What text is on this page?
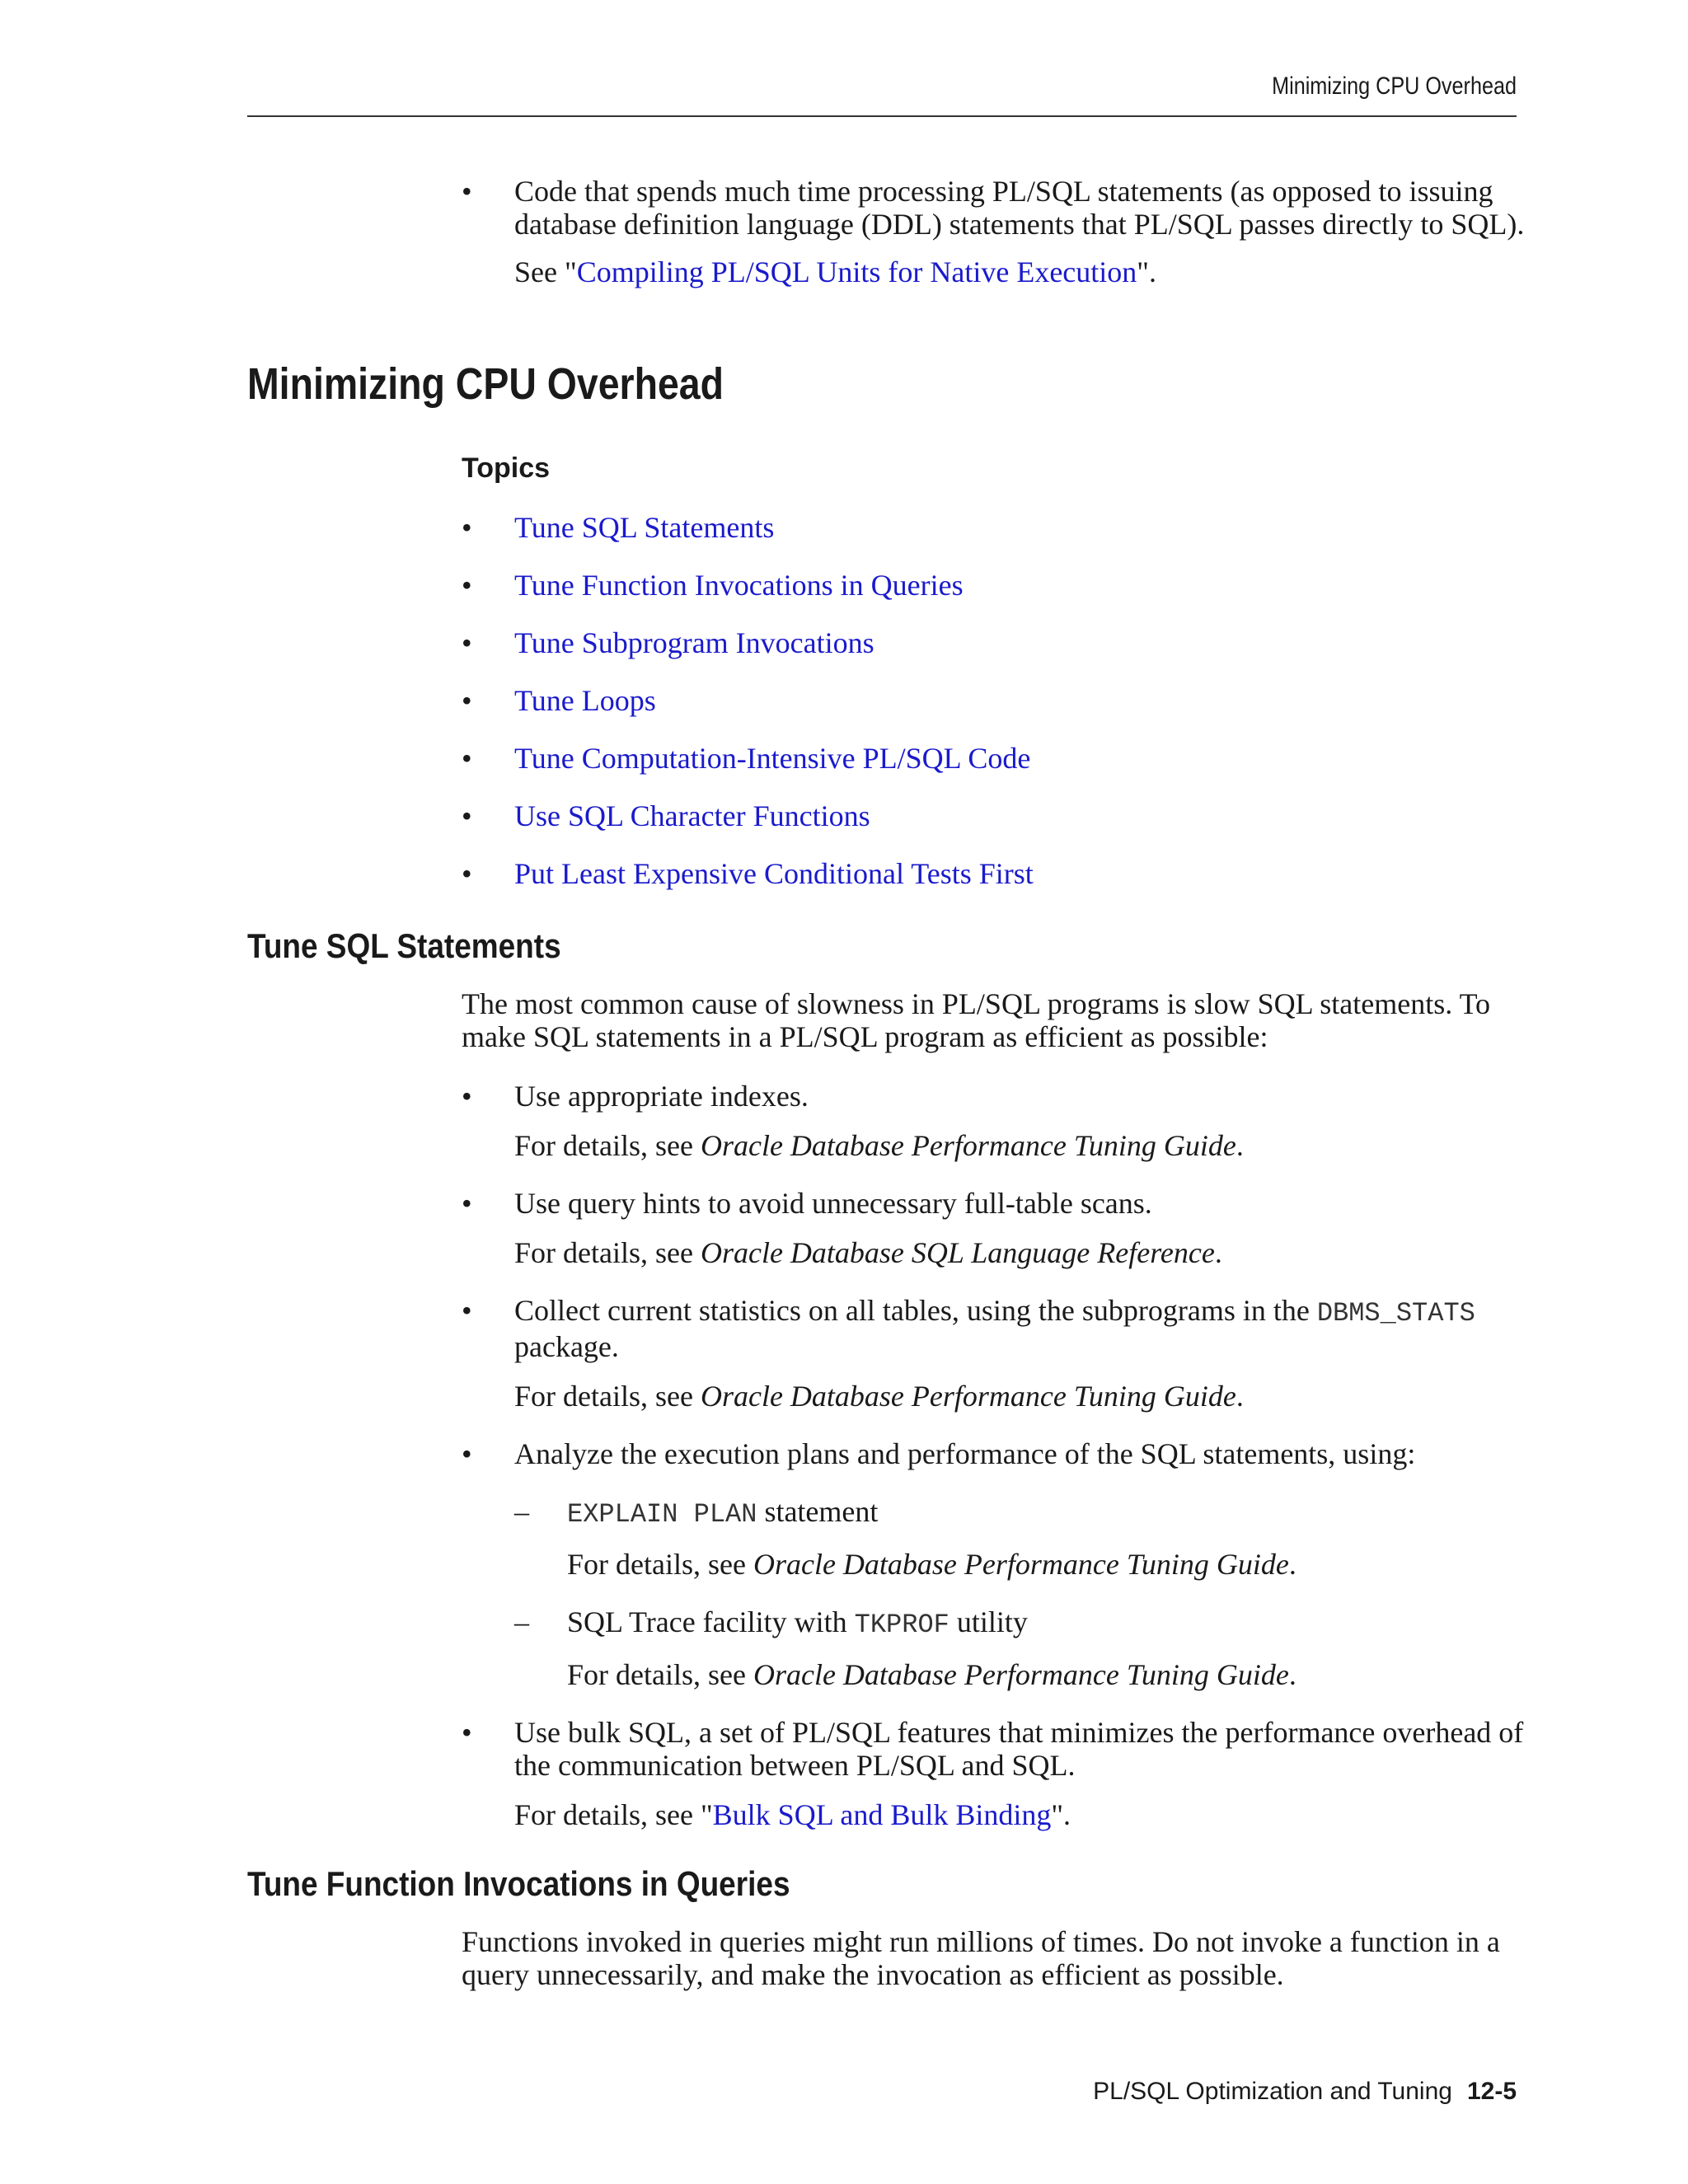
Minimizing CPU Overhead
• Code that spends much time processing PL/SQL statements (as opposed to issuing database definition language (DDL) statements that PL/SQL passes directly to SQL).
See "Compiling PL/SQL Units for Native Execution".
Minimizing CPU Overhead
Topics
• Tune SQL Statements
• Tune Function Invocations in Queries
• Tune Subprogram Invocations
• Tune Loops
• Tune Computation-Intensive PL/SQL Code
• Use SQL Character Functions
• Put Least Expensive Conditional Tests First
Tune SQL Statements
The most common cause of slowness in PL/SQL programs is slow SQL statements. To make SQL statements in a PL/SQL program as efficient as possible:
• Use appropriate indexes.
For details, see Oracle Database Performance Tuning Guide.
• Use query hints to avoid unnecessary full-table scans.
For details, see Oracle Database SQL Language Reference.
• Collect current statistics on all tables, using the subprograms in the DBMS_STATS
package.
For details, see Oracle Database Performance Tuning Guide.
• Analyze the execution plans and performance of the SQL statements, using:
– EXPLAIN PLAN statement
For details, see Oracle Database Performance Tuning Guide.
– SQL Trace facility with TKPROF utility
For details, see Oracle Database Performance Tuning Guide.
• Use bulk SQL, a set of PL/SQL features that minimizes the performance overhead of the communication between PL/SQL and SQL.
For details, see "Bulk SQL and Bulk Binding".
Tune Function Invocations in Queries
Functions invoked in queries might run millions of times. Do not invoke a function in a query unnecessarily, and make the invocation as efficient as possible.
PL/SQL Optimization and Tuning 12-5
